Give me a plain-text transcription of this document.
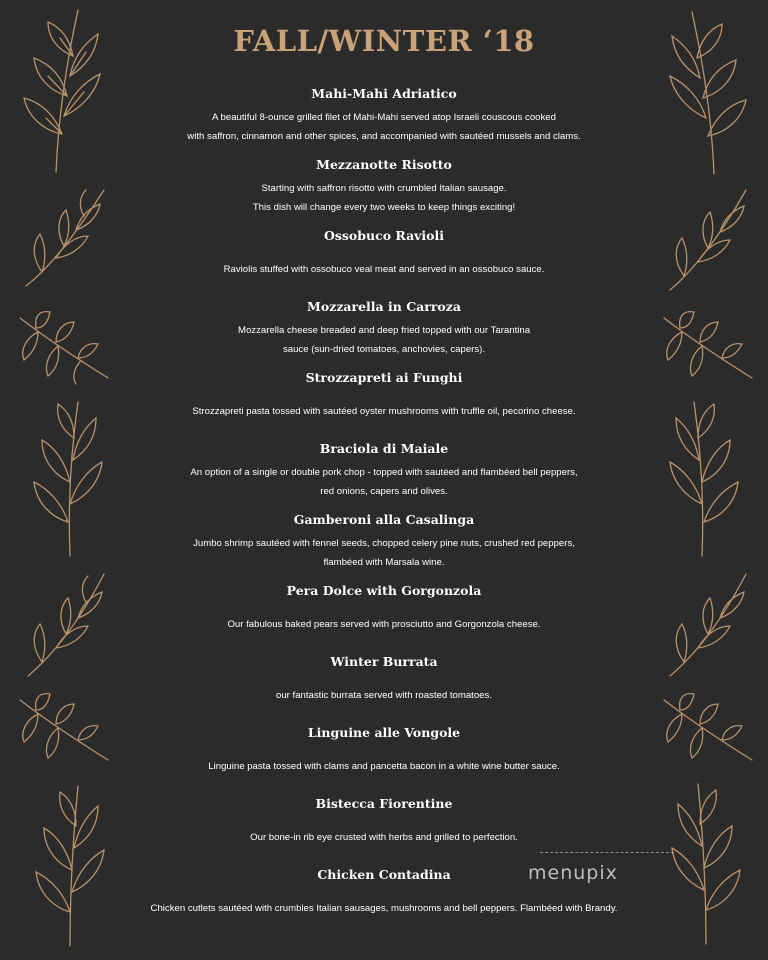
FALL/WINTER ‘18
Mahi-Mahi Adriatico
A beautiful 8-ounce grilled filet of Mahi-Mahi served atop Israeli couscous cooked
with saffron, cinnamon and other spices, and accompanied with sautéed mussels and clams.
Mezzanotte Risotto
Starting with saffron risotto with crumbled Italian sausage.
This dish will change every two weeks to keep things exciting!
Ossobuco Ravioli
Raviolis stuffed with ossobuco veal meat and served in an ossobuco sauce.
Mozzarella in Carroza
Mozzarella cheese breaded and deep fried topped with our Tarantina
sauce (sun-dried tomatoes, anchovies, capers).
Strozzapreti ai Funghi
Strozzapreti pasta tossed with sautéed oyster mushrooms with truffle oil, pecorino cheese.
Braciola di Maiale
An option of a single or double pork chop - topped with sautéed and flambéed bell peppers,
red onions, capers and olives.
Gamberoni alla Casalinga
Jumbo shrimp sautéed with fennel seeds, chopped celery pine nuts, crushed red peppers,
flambéed with Marsala wine.
Pera Dolce with Gorgonzola
Our fabulous baked pears served with prosciutto and Gorgonzola cheese.
Winter Burrata
our fantastic burrata served with roasted tomatoes.
Linguine alle Vongole
Linguine pasta tossed with clams and pancetta bacon in a white wine butter sauce.
Bistecca Fiorentine
Our bone-in rib eye crusted with herbs and grilled to perfection.
Chicken Contadina
Chicken cutlets sautéed with crumbles Italian sausages, mushrooms and bell peppers. Flambéed with Brandy.
menupix
